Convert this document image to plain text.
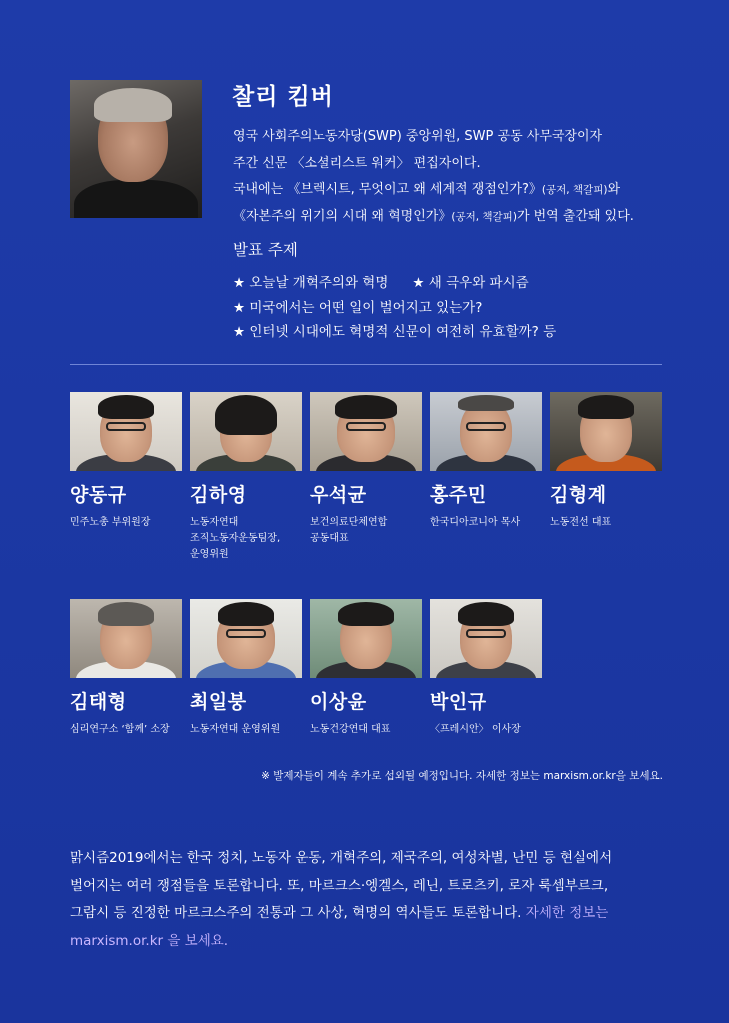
찰리 킴버
영국 사회주의노동자당(SWP) 중앙위원, SWP 공동 사무국장이자
주간 신문 〈소셜리스트 워커〉 편집자이다.
국내에는 《브렉시트, 무엇이고 왜 세계적 쟁점인가?》(공저, 책갈피)와
《자본주의 위기의 시대 왜 혁명인가》(공저, 책갈피)가 번역 출간돼 있다.
발표 주제
★ 오늘날 개혁주의와 혁명 ★ 새 극우와 파시즘
★ 미국에서는 어떤 일이 벌어지고 있는가?
★ 인터넷 시대에도 혁명적 신문이 여전히 유효할까? 등
양동규
민주노총 부위원장
김하영
노동자연대
조직노동자운동팀장,
운영위원
우석균
보건의료단체연합
공동대표
홍주민
한국디아코니아 목사
김형계
노동전선 대표
김태형
심리연구소 ‘함께’ 소장
최일붕
노동자연대 운영위원
이상윤
노동건강연대 대표
박인규
〈프레시안〉 이사장
※ 발제자들이 계속 추가로 섭외될 예정입니다. 자세한 정보는 marxism.or.kr을 보세요.
맑시즘2019에서는 한국 정치, 노동자 운동, 개혁주의, 제국주의, 여성차별, 난민 등 현실에서
벌어지는 여러 쟁점들을 토론합니다. 또, 마르크스·엥겔스, 레닌, 트로츠키, 로자 룩셈부르크,
그람시 등 진정한 마르크스주의 전통과 그 사상, 혁명의 역사들도 토론합니다. 자세한 정보는
marxism.or.kr 을 보세요.
